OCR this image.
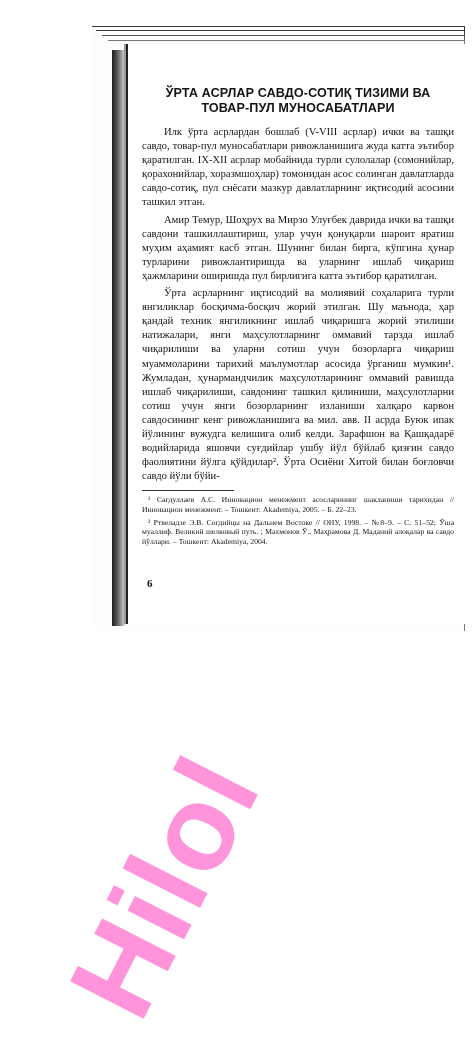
ЎРТА АСРЛАР САВДО-СОТИҚ ТИЗИМИ ВА
ТОВАР-ПУЛ МУНОСАБАТЛАРИ

Илк ўрта асрлардан бошлаб (V-VIII асрлар) ички ва ташқи савдо, товар-пул муносабатлари ривожланишига жуда катта эътибор қаратилган. IX-XII асрлар мобайнида турли сулолалар (сомонийлар, қорахонийлар, хоразмшоҳлар) томонидан асос солинган давлатларда савдо-сотиқ, пул снёсати мазкур давлатларнинг иқтисодий асосини ташкил этган.

Амир Темур, Шоҳрух ва Мирзо Улуғбек даврида ички ва ташқи савдони ташкиллаштириш, улар учун қонуқарли шароит яратиш муҳим аҳамият касб этган. Шунинг билан бирга, кўпгина ҳунар турларини ривожлантиришда ва уларнинг ишлаб чиқариш ҳажмларини оширишда пул бирлигига катта эътибор қаратилган.

Ўрта асрларнинг иқтисодий ва молиявий соҳаларига турли янгиликлар босқичма-босқич жорий этилган. Шу маънода, ҳар қандай техник янгиликнинг ишлаб чиқаришга жорий этилиши натижалари, янги маҳсулотларнинг оммавий тарзда ишлаб чиқарилиши ва уларни сотиш учун бозорларга чиқариш муаммоларини тарихий маълумотлар асосида ўрганиш мумкин¹. Жумладан, ҳунармандчилик маҳсулотларининг оммавий равишда ишлаб чиқарилиши, савдонинг ташкил қилиниши, маҳсулотларни сотиш учун янги бозорларнинг изланиши халқаро карвон савдосининг кенг ривожланишига ва мил. авв. II асрда Буюк ипак йўлининг вужудга келишига олиб келди. Зарафшон ва Қашқадарё водийларида яшовчи суғдийлар ушбу йўл бўйлаб қизғин савдо фаолиятини йўлга қўйдилар². Ўрта Осиёни Хитой билан боғловчи савдо йўли бўйи-

¹ Сағдуллаев А.С. Инновацион менежмент асосларининг шакланиши тарихидан // Инновацион менежмент. – Тошкент: Akademiya, 2005. – Б. 22–23.

² Ртвеладзе Э.В. Согдийцы на Дальнем Востоке // ОНУ, 1998. – №8–9. – С. 51–52; Ўша муаллиф. Великий шелковый путь. ; Махмонов Ў., Маҳрамова Д. Маданий алоқалар ва савдо йўллари. – Тошкент: Akademiya, 2004.

6
Hilol
